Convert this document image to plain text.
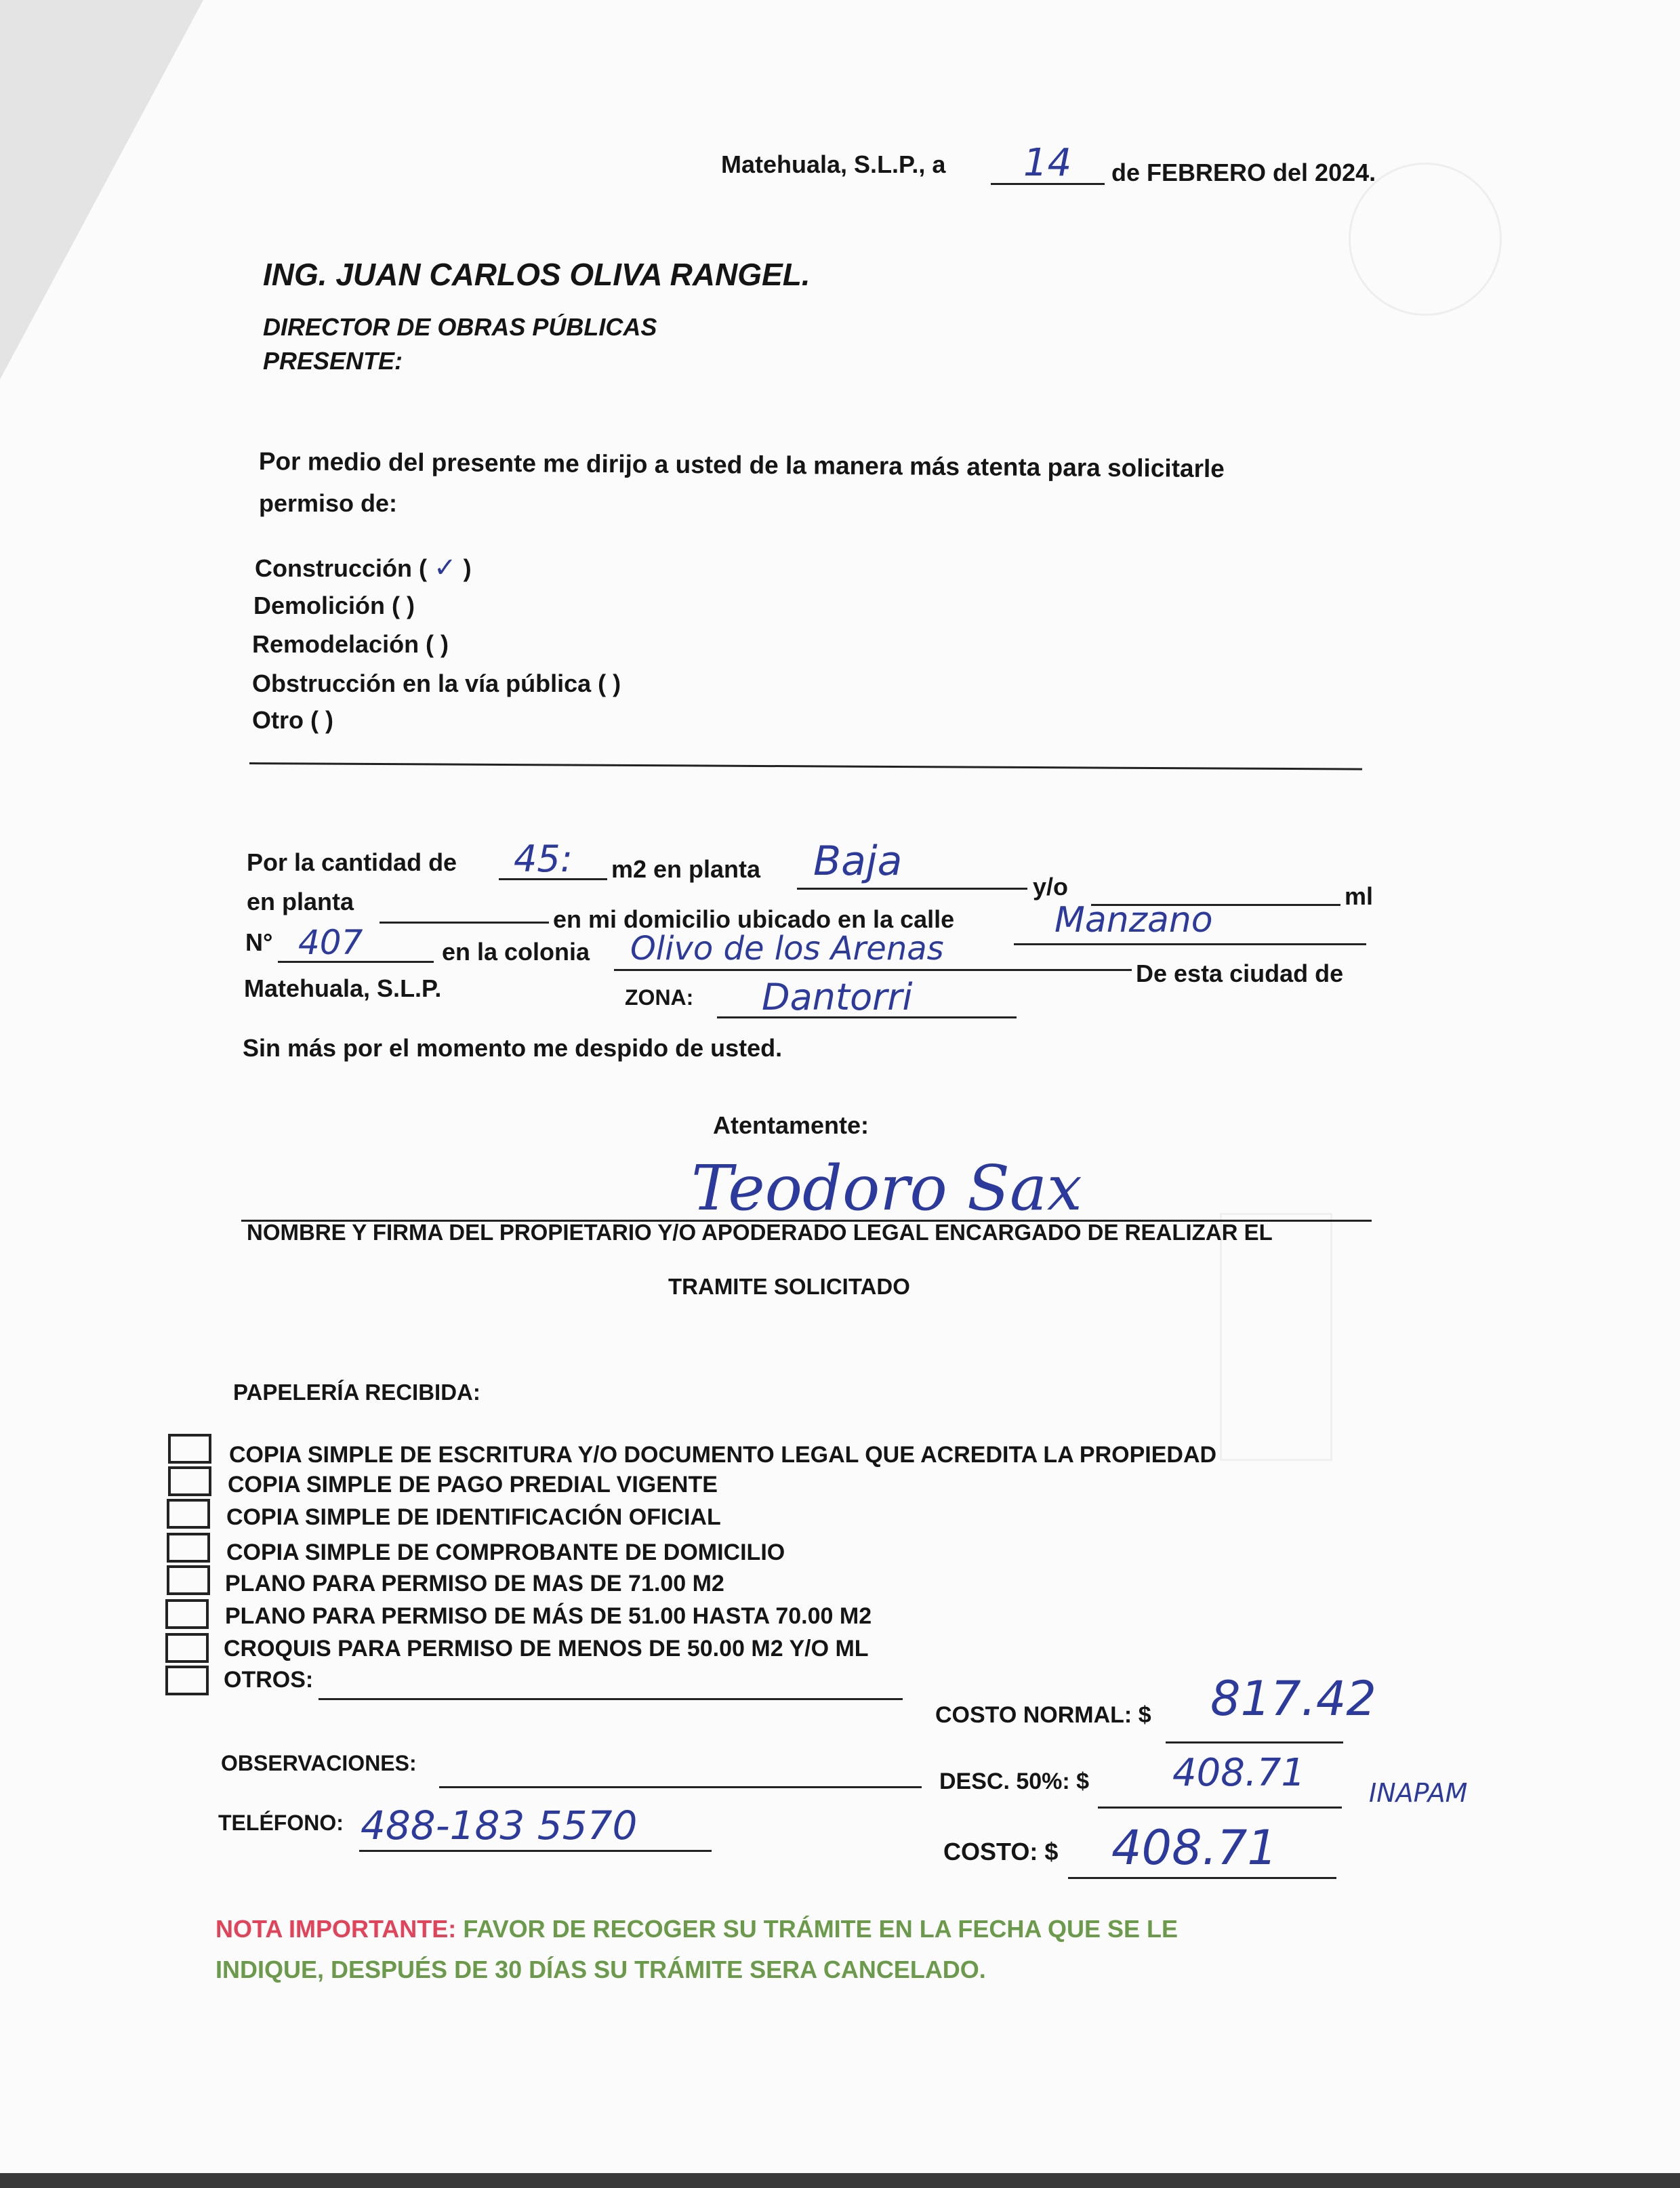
Matehuala, S.L.P., a 14 de FEBRERO del 2024.
ING. JUAN CARLOS OLIVA RANGEL.
DIRECTOR DE OBRAS PÚBLICAS
PRESENTE:
Por medio del presente me dirijo a usted de la manera más atenta para solicitarle
permiso de:
Construcción ( ✓ )
Demolición ( )
Remodelación ( )
Obstrucción en la vía pública ( )
Otro ( )
Por la cantidad de 45: m2 en planta Baja
y/o	ml
en planta
en mi domicilio ubicado en la calle	Manzano
N° 407	en la colonia Olivo de los Arenas
De esta ciudad de
Matehuala, S.L.P.	ZONA: Dantorri
Sin más por el momento me despido de usted.
Atentamente:
Teodoro Sax
NOMBRE Y FIRMA DEL PROPIETARIO Y/O APODERADO LEGAL ENCARGADO DE REALIZAR EL
TRAMITE SOLICITADO
PAPELERÍA RECIBIDA:
COPIA SIMPLE DE ESCRITURA Y/O DOCUMENTO LEGAL QUE ACREDITA LA PROPIEDAD
COPIA SIMPLE DE PAGO PREDIAL VIGENTE
COPIA SIMPLE DE IDENTIFICACIÓN OFICIAL
COPIA SIMPLE DE COMPROBANTE DE DOMICILIO
PLANO PARA PERMISO DE MAS DE 71.00 M2
PLANO PARA PERMISO DE MÁS DE 51.00 HASTA 70.00 M2
CROQUIS PARA PERMISO DE MENOS DE 50.00 M2 Y/O ML
OTROS:
COSTO NORMAL: $ 817.42
OBSERVACIONES:
DESC. 50%: $ 408.71 INAPAM
TELÉFONO: 488-183 5570
COSTO: $ 408.71
NOTA IMPORTANTE: FAVOR DE RECOGER SU TRÁMITE EN LA FECHA QUE SE LE
INDIQUE, DESPUÉS DE 30 DÍAS SU TRÁMITE SERA CANCELADO.
